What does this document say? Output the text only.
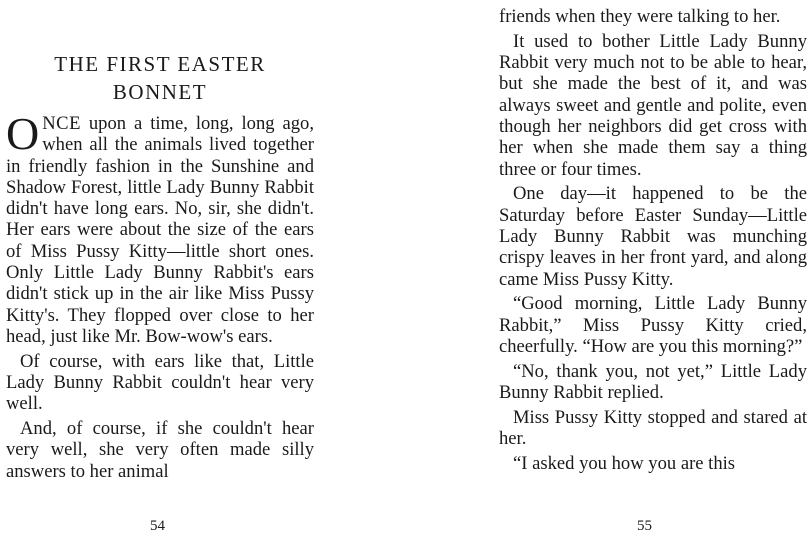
THE FIRST EASTER
BONNET

ONCE upon a time, long, long ago, when all the animals lived together in friendly fashion in the Sunshine and Shadow Forest, little Lady Bunny Rabbit didn't have long ears. No, sir, she didn't. Her ears were about the size of the ears of Miss Pussy Kitty—little short ones. Only Little Lady Bunny Rabbit's ears didn't stick up in the air like Miss Pussy Kitty's. They flopped over close to her head, just like Mr. Bow-wow's ears.

Of course, with ears like that, Little Lady Bunny Rabbit couldn't hear very well.

And, of course, if she couldn't hear very well, she very often made silly answers to her animal

54

friends when they were talking to her.

It used to bother Little Lady Bunny Rabbit very much not to be able to hear, but she made the best of it, and was always sweet and gentle and polite, even though her neighbors did get cross with her when she made them say a thing three or four times.

One day—it happened to be the Saturday before Easter Sunday—Little Lady Bunny Rabbit was munching crispy leaves in her front yard, and along came Miss Pussy Kitty.

“Good morning, Little Lady Bunny Rabbit,” Miss Pussy Kitty cried, cheerfully. “How are you this morning?”

“No, thank you, not yet,” Little Lady Bunny Rabbit replied.

Miss Pussy Kitty stopped and stared at her.

“I asked you how you are this

55
